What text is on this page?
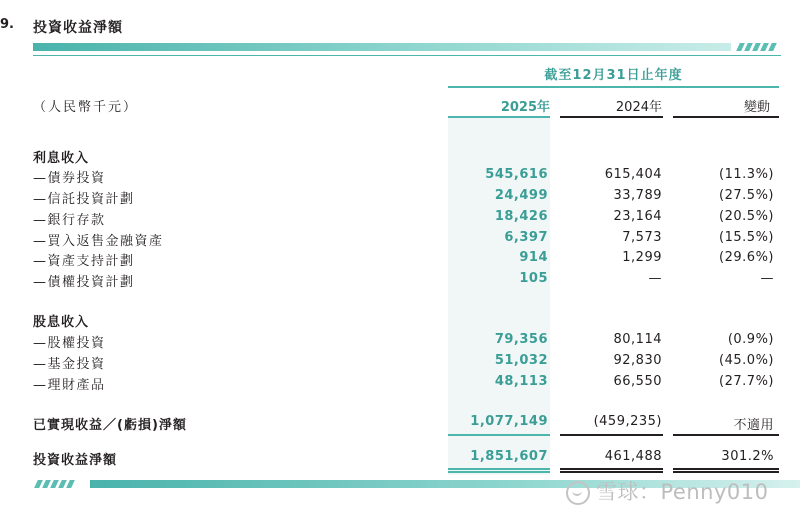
9. 投資收益淨額
截至12月31日止年度
（人民幣千元）	2025年	2024年	變動
利息收入
—債券投資	545,616	615,404	(11.3%)
—信託投資計劃	24,499	33,789	(27.5%)
—銀行存款	18,426	23,164	(20.5%)
—買入返售金融資產	6,397	7,573	(15.5%)
—資產支持計劃	914	1,299	(29.6%)
—債權投資計劃	105	—	—
股息收入
—股權投資	79,356	80,114	(0.9%)
—基金投資	51,032	92,830	(45.0%)
—理財產品	48,113	66,550	(27.7%)
已實現收益／(虧損)淨額	1,077,149	(459,235)	不適用
投資收益淨額	1,851,607	461,488	301.2%
雪球：Penny010
